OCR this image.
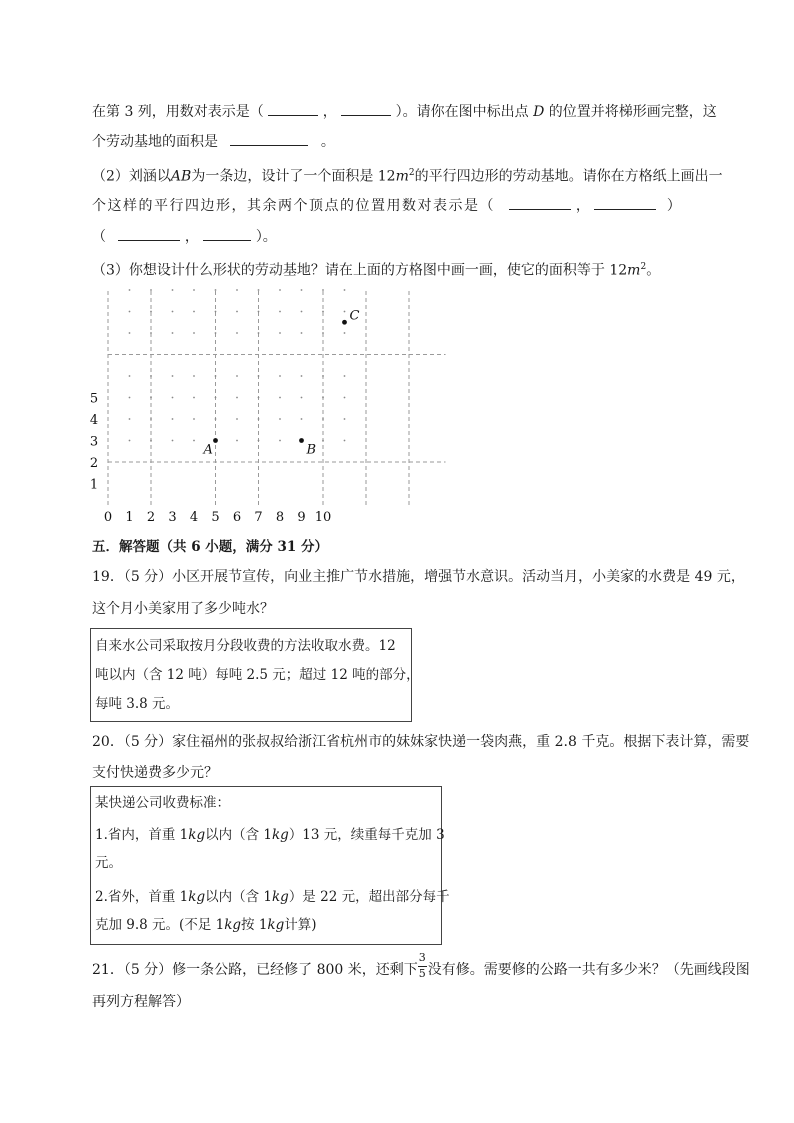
在第 3 列，用数对表示是（	，	）。请你在图中标出点 D 的位置并将梯形画完整，这
个劳动基地的面积是	。
（2）刘涵以AB为一条边，设计了一个面积是 $12m^2$的平行四边形的劳动基地。请你在方格纸上画出一
个这样的平行四边形，其余两个顶点的位置用数对表示是（	，	）
（	，	）。
（3）你想设计什么形状的劳动基地？请在上面的方格图中画一画，使它的面积等于 $12m^2$。
5
4
3
2
1
0 1 2 3 4 5 6 7 8 9 10
A	B
C
五．解答题（共 6 小题，满分 31 分）
19．（5 分）小区开展节宣传，向业主推广节水措施，增强节水意识。活动当月，小美家的水费是 49 元，
这个月小美家用了多少吨水？
自来水公司采取按月分段收费的方法收取水费。12
吨以内（含 12 吨）每吨 2.5 元；超过 12 吨的部分，
每吨 3.8 元。
20．（5 分）家住福州的张叔叔给浙江省杭州市的妹妹家快递一袋肉燕，重 2.8 千克。根据下表计算，需要
支付快递费多少元？
某快递公司收费标准：
1.省内，首重 1kg以内（含 1kg）13 元，续重每千克加 3
元。
2.省外，首重 1kg以内（含 1kg）是 22 元，超出部分每千
克加 9.8 元。(不足 1kg按 1kg计算)
21．（5 分）修一条公路，已经修了 800 米，还剩下 $\frac{3}{5}$ 没有修。需要修的公路一共有多少米？（先画线段图
再列方程解答）
